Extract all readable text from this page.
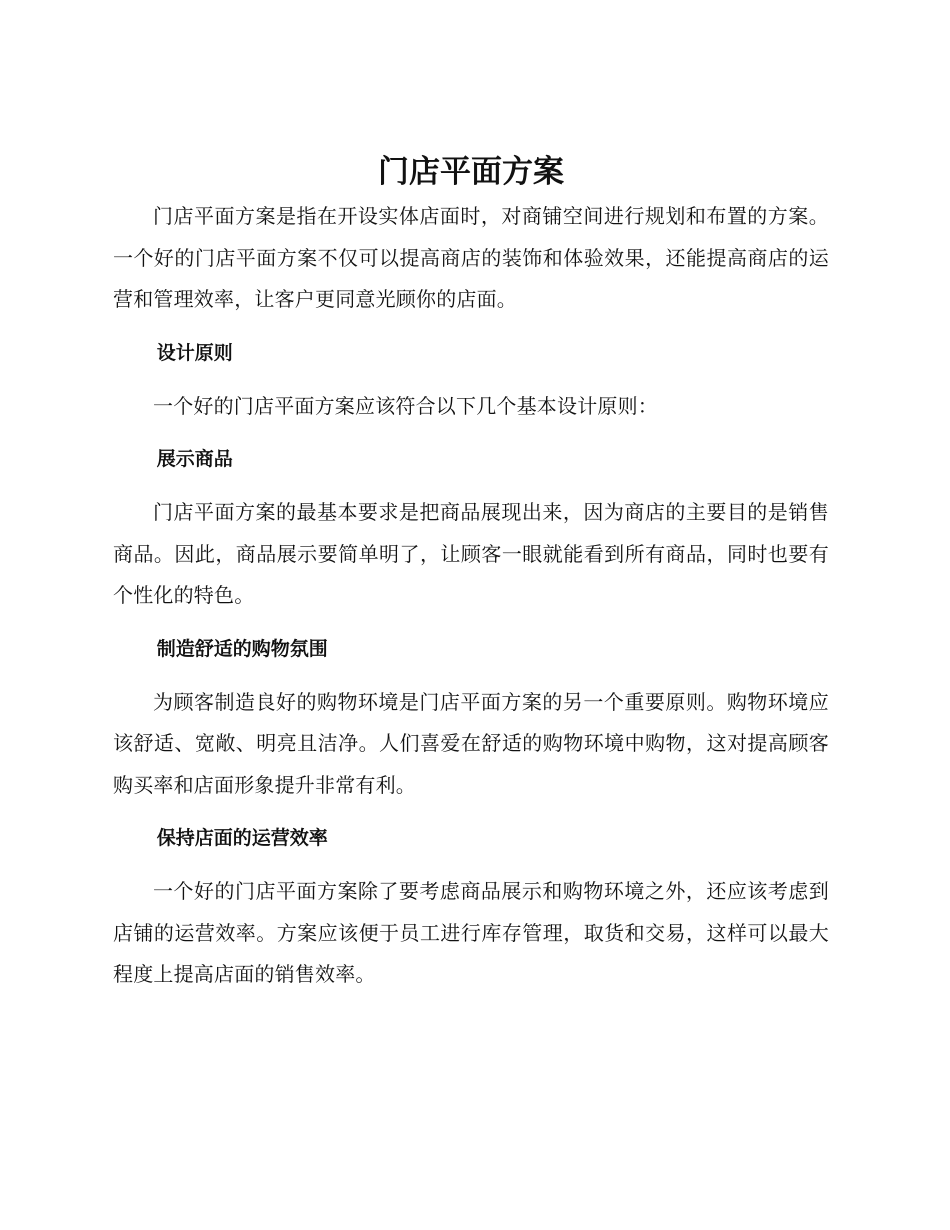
门店平面方案

门店平面方案是指在开设实体店面时，对商铺空间进行规划和布置的方案。一个好的门店平面方案不仅可以提高商店的装饰和体验效果，还能提高商店的运营和管理效率，让客户更同意光顾你的店面。

设计原则

一个好的门店平面方案应该符合以下几个基本设计原则：

展示商品

门店平面方案的最基本要求是把商品展现出来，因为商店的主要目的是销售商品。因此，商品展示要简单明了，让顾客一眼就能看到所有商品，同时也要有个性化的特色。

制造舒适的购物氛围

为顾客制造良好的购物环境是门店平面方案的另一个重要原则。购物环境应该舒适、宽敞、明亮且洁净。人们喜爱在舒适的购物环境中购物，这对提高顾客购买率和店面形象提升非常有利。

保持店面的运营效率

一个好的门店平面方案除了要考虑商品展示和购物环境之外，还应该考虑到店铺的运营效率。方案应该便于员工进行库存管理，取货和交易，这样可以最大程度上提高店面的销售效率。
